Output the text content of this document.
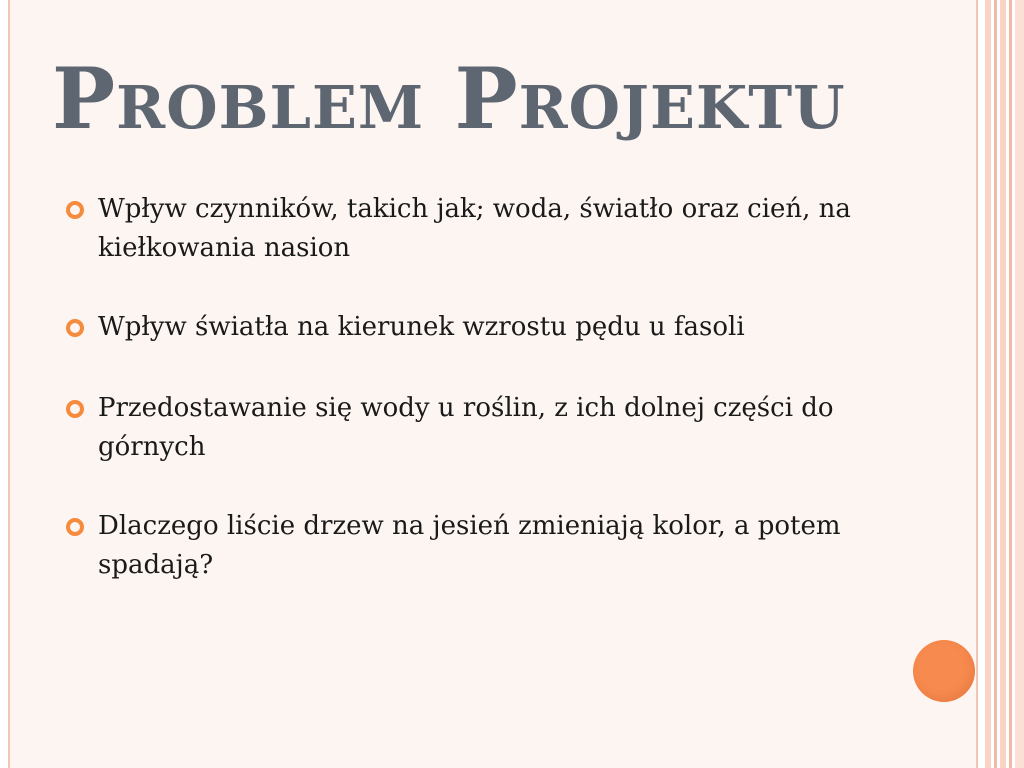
Problem Projektu
Wpływ czynników, takich jak; woda, światło oraz cień, na kiełkowania nasion
Wpływ światła na kierunek wzrostu pędu u fasoli
Przedostawanie się wody u roślin, z ich dolnej części do górnych
Dlaczego liście drzew na jesień zmieniają kolor, a potem spadają?
